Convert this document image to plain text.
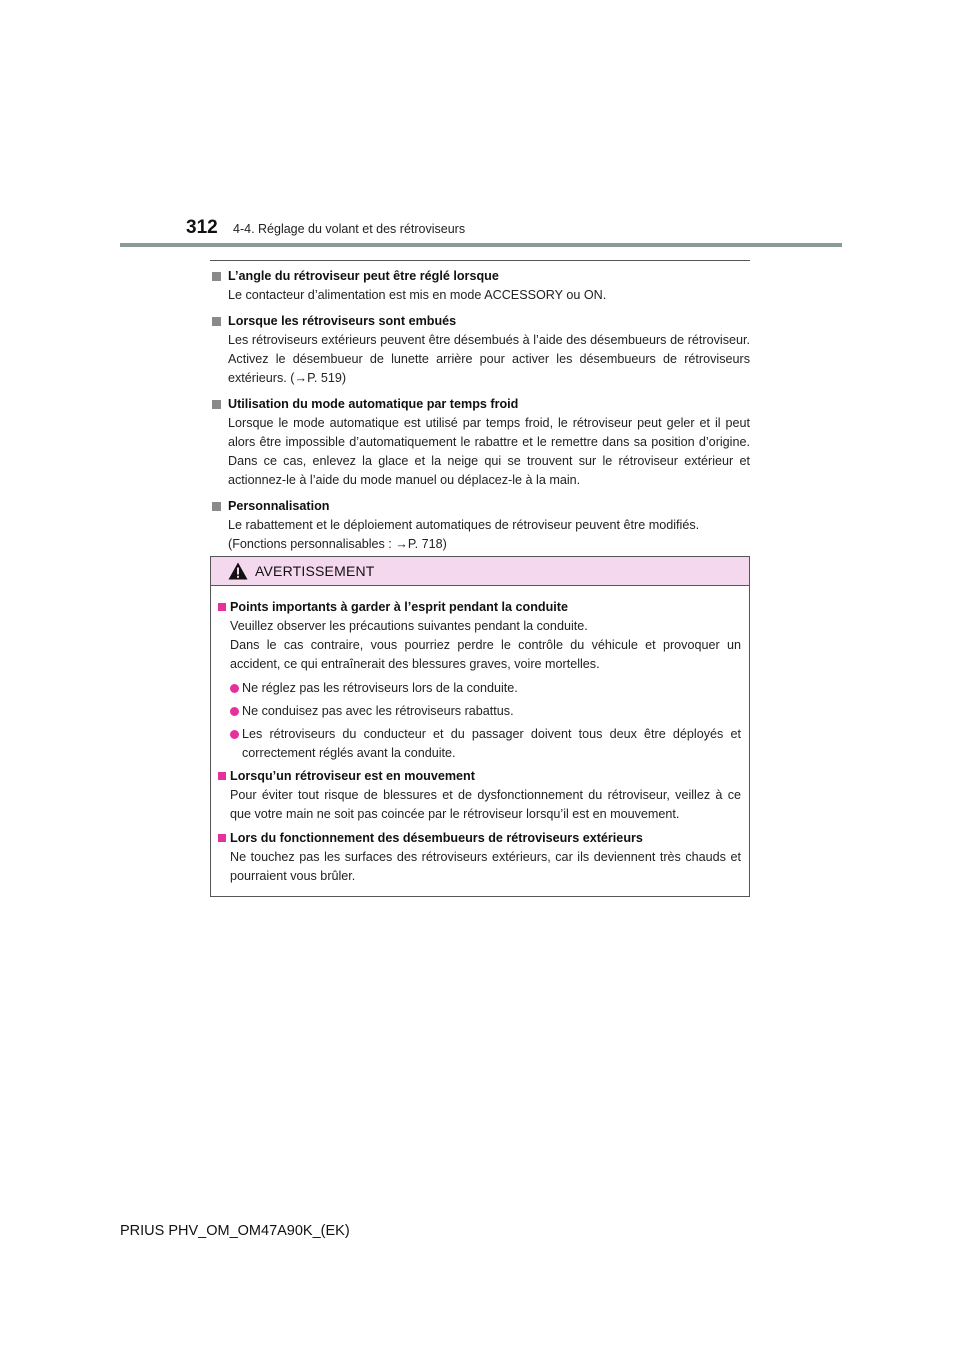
312 4-4. Réglage du volant et des rétroviseurs
L’angle du rétroviseur peut être réglé lorsque
Le contacteur d’alimentation est mis en mode ACCESSORY ou ON.
Lorsque les rétroviseurs sont embués
Les rétroviseurs extérieurs peuvent être désembués à l’aide des désembueurs de rétroviseur. Activez le désembueur de lunette arrière pour activer les désembueurs de rétroviseurs extérieurs. (→P. 519)
Utilisation du mode automatique par temps froid
Lorsque le mode automatique est utilisé par temps froid, le rétroviseur peut geler et il peut alors être impossible d’automatiquement le rabattre et le remettre dans sa position d’origine. Dans ce cas, enlevez la glace et la neige qui se trouvent sur le rétroviseur extérieur et actionnez-le à l’aide du mode manuel ou déplacez-le à la main.
Personnalisation
Le rabattement et le déploiement automatiques de rétroviseur peuvent être modifiés.
(Fonctions personnalisables : →P. 718)
AVERTISSEMENT
Points importants à garder à l’esprit pendant la conduite
Veuillez observer les précautions suivantes pendant la conduite.
Dans le cas contraire, vous pourriez perdre le contrôle du véhicule et provoquer un accident, ce qui entraînerait des blessures graves, voire mortelles.
Ne réglez pas les rétroviseurs lors de la conduite.
Ne conduisez pas avec les rétroviseurs rabattus.
Les rétroviseurs du conducteur et du passager doivent tous deux être déployés et correctement réglés avant la conduite.
Lorsqu’un rétroviseur est en mouvement
Pour éviter tout risque de blessures et de dysfonctionnement du rétroviseur, veillez à ce que votre main ne soit pas coincée par le rétroviseur lorsqu’il est en mouvement.
Lors du fonctionnement des désembueurs de rétroviseurs extérieurs
Ne touchez pas les surfaces des rétroviseurs extérieurs, car ils deviennent très chauds et pourraient vous brûler.
PRIUS PHV_OM_OM47A90K_(EK)
